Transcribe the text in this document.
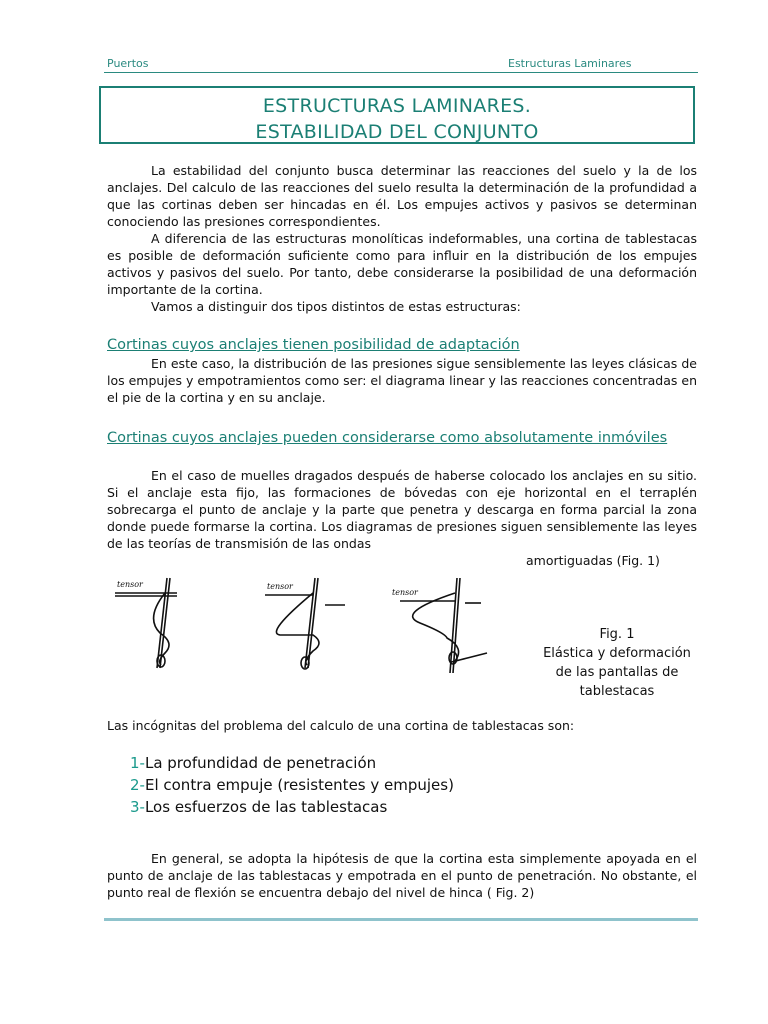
Puertos	Estructuras Laminares
ESTRUCTURAS LAMINARES.
ESTABILIDAD DEL CONJUNTO
La estabilidad del conjunto busca determinar las reacciones del suelo y la de los anclajes. Del calculo de las reacciones del suelo resulta la determinación de la profundidad a que las cortinas deben ser hincadas en él. Los empujes activos y pasivos se determinan conociendo las presiones correspondientes.
A diferencia de las estructuras monolíticas indeformables, una cortina de tablestacas es posible de deformación suficiente como para influir en la distribución de los empujes activos y pasivos del suelo. Por tanto, debe considerarse la posibilidad de una deformación importante de la cortina.
Vamos a distinguir dos tipos distintos de estas estructuras:
Cortinas cuyos anclajes tienen posibilidad de adaptación
En este caso, la distribución de las presiones sigue sensiblemente las leyes clásicas de los empujes y empotramientos como ser: el diagrama linear y las reacciones concentradas en el pie de la cortina y en su anclaje.
Cortinas cuyos anclajes pueden considerarse como absolutamente inmóviles
En el caso de muelles dragados después de haberse colocado los anclajes en su sitio. Si el anclaje esta fijo, las formaciones de bóvedas con eje horizontal en el terraplén sobrecarga el punto de anclaje y la parte que penetra y descarga en forma parcial la zona donde puede formarse la cortina. Los diagramas de presiones siguen sensiblemente las leyes de las teorías de transmisión de las ondas
amortiguadas (Fig. 1)
tensor	tensor
tensor
Fig. 1
Elástica y deformación
de las pantallas de
tablestacas
Las incógnitas del problema del calculo de una cortina de tablestacas son:
1-La profundidad de penetración
2-El contra empuje (resistentes y empujes)
3-Los esfuerzos de las tablestacas
En general, se adopta la hipótesis de que la cortina esta simplemente apoyada en el punto de anclaje de las tablestacas y empotrada en el punto de penetración. No obstante, el punto real de flexión se encuentra debajo del nivel de hinca ( Fig. 2)
